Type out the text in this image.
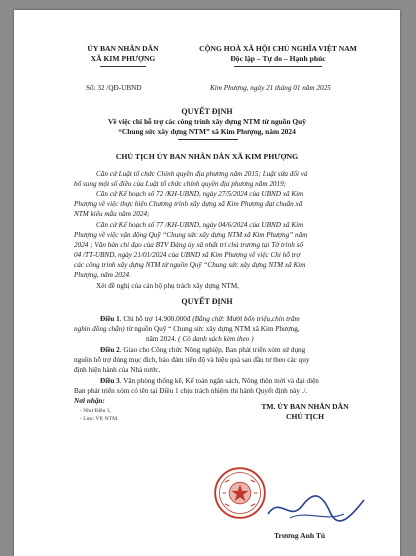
ỦY BAN NHÂN DÂN
XÃ KIM PHƯỢNG
CỘNG HOÀ XÃ HỘI CHỦ NGHĨA VIỆT NAM
Độc lập – Tự do – Hạnh phúc
Số: 32 /QĐ-UBND	Kim Phượng, ngày 21 tháng 01 năm 2025
QUYẾT ĐỊNH
Về việc chi hỗ trợ các công trình xây dựng NTM từ nguồn Quỹ
“Chung sức xây dựng NTM” xã Kim Phượng, năm 2024
CHỦ TỊCH ỦY BAN NHÂN DÂN XÃ KIM PHƯỢNG
Căn cứ Luật tổ chức Chính quyền địa phương năm 2015; Luật sửa đổi và
bổ sung một số điều của Luật tổ chức chính quyền địa phương năm 2019;
Căn cứ Kế hoạch số 72 /KH-UBND, ngày 27/5/2024 của UBND xã Kim
Phượng về việc thực hiện Chương trình xây dựng xã Kim Phượng đạt chuẩn xã
NTM kiểu mẫu năm 2024;
Căn cứ Kế hoạch số 77 /KH-UBND, ngày 04/6/2024 của UBND xã Kim
Phượng về việc vận động Quỹ “Chung sức xây dựng NTM xã Kim Phượng” năm
2024 ; Văn bản chỉ đạo của BTV Đảng ủy xã nhất trí chủ trương tại Tờ trình số
04 /TT-UBND, ngày 21/01/2024 của UBND xã Kim Phượng về việc Chi hỗ trợ
các công trình xây dựng NTM từ nguồn Quỹ “Chung sức xây dựng NTM xã Kim
Phượng, năm 2024.
Xét đề nghị của cán bộ phụ trách xây dựng NTM,
QUYẾT ĐỊNH
Điều 1. Chi hỗ trợ 14.900.000đ (Bằng chữ: Mười bốn triệu,chín trăm
nghìn đồng chẵn) từ nguồn Quỹ “ Chung sức xây dựng NTM xã Kim Phượng,
năm 2024. ( Có danh sách kèm theo )
Điều 2. Giao cho Công chức Nông nghiệp, Ban phát triển xóm sử dụng
nguồn hỗ trợ đúng mục đích, bảo đảm tiến độ và hiệu quả sau đầu tư theo các quy
định hiện hành của Nhà nước.
Điều 3. Văn phòng thống kê, Kế toán ngân sách, Nông thôn mới và đại diện
Ban phát triển xóm có tên tại Điều 1 chịu trách nhiệm thi hành Quyết định này ./.
Nơi nhận:
- Như Điều 3,
- Lưu: VP, NTM.
TM. ỦY BAN NHÂN DÂN
CHỦ TỊCH
Trương Anh Tú
